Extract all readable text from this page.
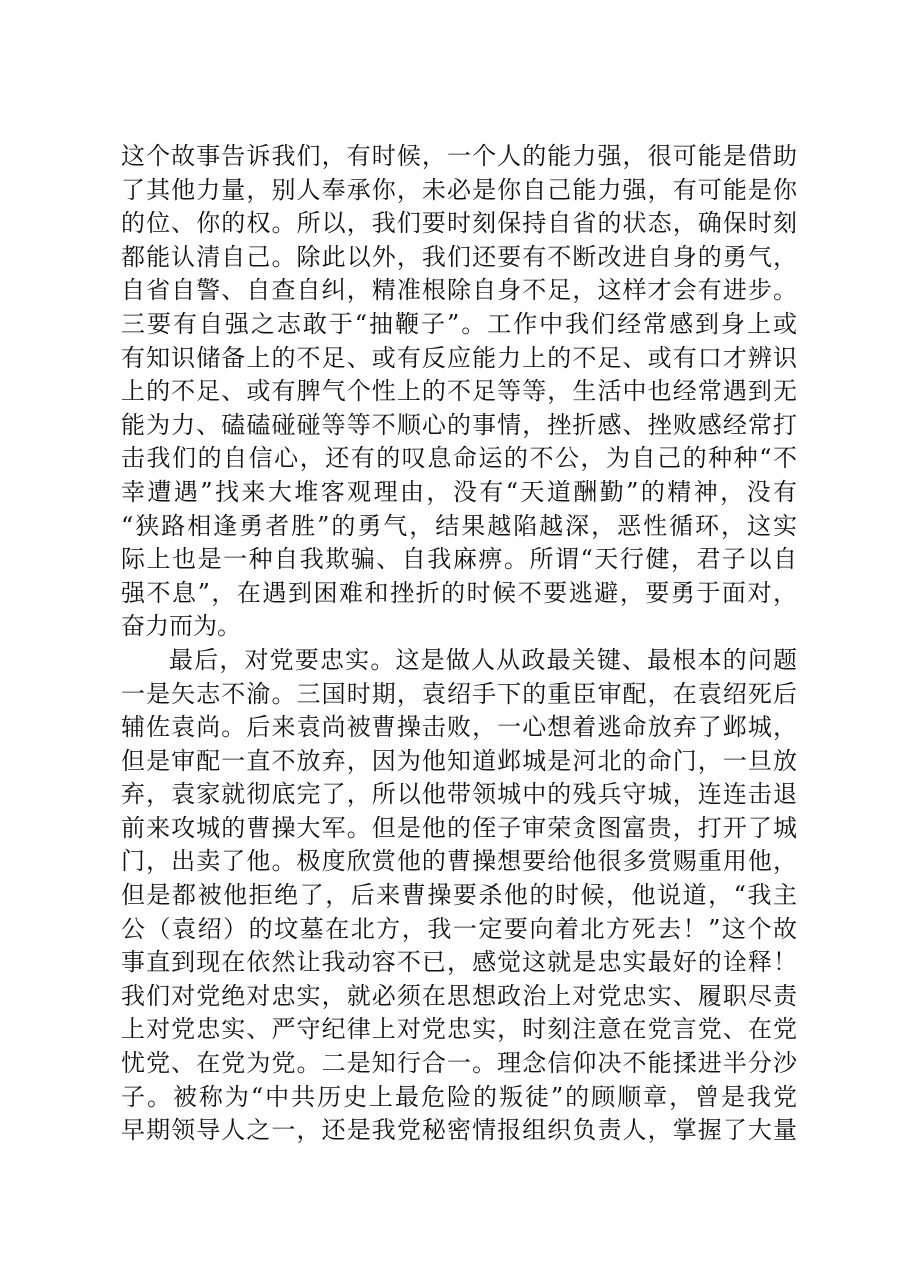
这个故事告诉我们，有时候，一个人的能力强，很可能是借助
了其他力量，别人奉承你，未必是你自己能力强，有可能是你
的位、你的权。所以，我们要时刻保持自省的状态，确保时刻
都能认清自己。除此以外，我们还要有不断改进自身的勇气，
自省自警、自查自纠，精准根除自身不足，这样才会有进步。
三要有自强之志敢于“抽鞭子”。工作中我们经常感到身上或
有知识储备上的不足、或有反应能力上的不足、或有口才辨识
上的不足、或有脾气个性上的不足等等，生活中也经常遇到无
能为力、磕磕碰碰等等不顺心的事情，挫折感、挫败感经常打
击我们的自信心，还有的叹息命运的不公，为自己的种种“不
幸遭遇”找来大堆客观理由，没有“天道酬勤”的精神，没有
“狭路相逢勇者胜”的勇气，结果越陷越深，恶性循环，这实
际上也是一种自我欺骗、自我麻痹。所谓“天行健，君子以自
强不息”，在遇到困难和挫折的时候不要逃避，要勇于面对，
奋力而为。
最后，对党要忠实。这是做人从政最关键、最根本的问题
一是矢志不渝。三国时期，袁绍手下的重臣审配，在袁绍死后
辅佐袁尚。后来袁尚被曹操击败，一心想着逃命放弃了邺城，
但是审配一直不放弃，因为他知道邺城是河北的命门，一旦放
弃，袁家就彻底完了，所以他带领城中的残兵守城，连连击退
前来攻城的曹操大军。但是他的侄子审荣贪图富贵，打开了城
门，出卖了他。极度欣赏他的曹操想要给他很多赏赐重用他，
但是都被他拒绝了，后来曹操要杀他的时候，他说道，“我主
公（袁绍）的坟墓在北方，我一定要向着北方死去！”这个故
事直到现在依然让我动容不已，感觉这就是忠实最好的诠释！
我们对党绝对忠实，就必须在思想政治上对党忠实、履职尽责
上对党忠实、严守纪律上对党忠实，时刻注意在党言党、在党
忧党、在党为党。二是知行合一。理念信仰决不能揉进半分沙
子。被称为“中共历史上最危险的叛徒”的顾顺章，曾是我党
早期领导人之一，还是我党秘密情报组织负责人，掌握了大量
